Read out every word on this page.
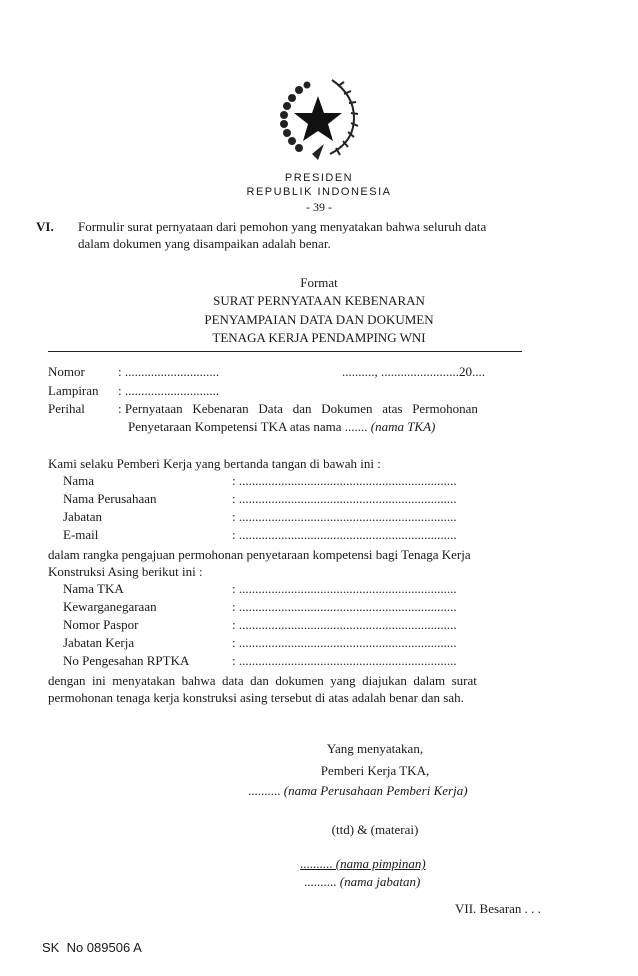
PRESIDEN
REPUBLIK INDONESIA
- 39 -
VI. Formulir surat pernyataan dari pemohon yang menyatakan bahwa seluruh data
dalam dokumen yang disampaikan adalah benar.
Format
SURAT PERNYATAAN KEBENARAN
PENYAMPAIAN DATA DAN DOKUMEN
TENAGA KERJA PENDAMPING WNI
Nomor	: .............................	.........., ........................20....
Lampiran : .............................
Perihal	: Pernyataan   Kebenaran   Data   dan   Dokumen   atas   Permohonan
Penyetaraan Kompetensi TKA atas nama ....... (nama TKA)
Kami selaku Pemberi Kerja yang bertanda tangan di bawah ini :
Nama	: ...................................................................
Nama Perusahaan	: ...................................................................
Jabatan	: ...................................................................
E-mail	: ...................................................................
dalam rangka pengajuan permohonan penyetaraan kompetensi bagi Tenaga Kerja
Konstruksi Asing berikut ini :
Nama TKA	: ...................................................................
Kewarganegaraan	: ...................................................................
Nomor Paspor	: ...................................................................
Jabatan Kerja	: ...................................................................
No Pengesahan RPTKA	: ...................................................................
dengan  ini  menyatakan  bahwa  data  dan  dokumen  yang  diajukan  dalam  surat
permohonan tenaga kerja konstruksi asing tersebut di atas adalah benar dan sah.
Yang menyatakan,
Pemberi Kerja TKA,
.......... (nama Perusahaan Pemberi Kerja)
(ttd) & (materai)
.......... (nama pimpinan)
.......... (nama jabatan)
VII. Besaran . . .
SK  No 089506 A
